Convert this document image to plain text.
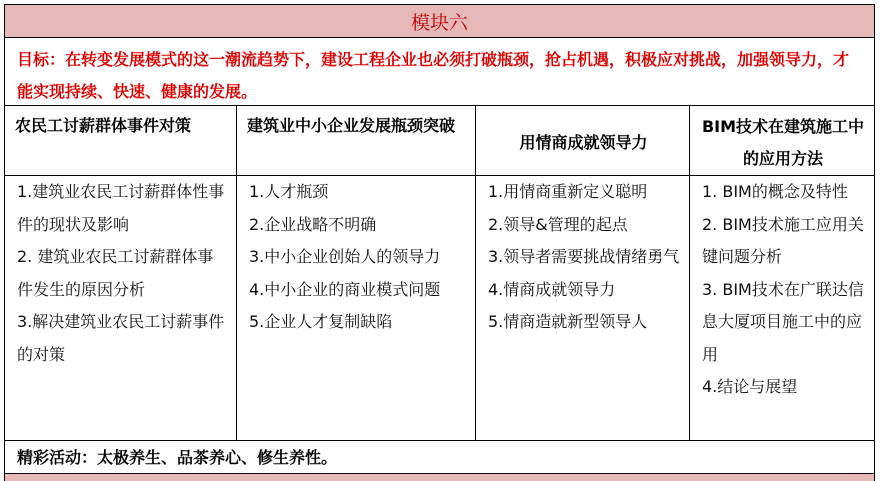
模块六
目标：在转变发展模式的这一潮流趋势下，建设工程企业也必须打破瓶颈，抢占机遇，积极应对挑战，加强领导力，才能实现持续、快速、健康的发展。
农民工讨薪群体事件对策
1.建筑业农民工讨薪群体性事件的现状及影响
2. 建筑业农民工讨薪群体事件发生的原因分析
3.解决建筑业农民工讨薪事件的对策
建筑业中小企业发展瓶颈突破
1.人才瓶颈
2.企业战略不明确
3.中小企业创始人的领导力
4.中小企业的商业模式问题
5.企业人才复制缺陷
用情商成就领导力
1.用情商重新定义聪明
2.领导&管理的起点
3.领导者需要挑战情绪勇气
4.情商成就领导力
5.情商造就新型领导人
BIM技术在建筑施工中的应用方法
1. BIM的概念及特性
2. BIM技术施工应用关键问题分析
3. BIM技术在广联达信息大厦项目施工中的应用
4.结论与展望
精彩活动：太极养生、品茶养心、修生养性。
